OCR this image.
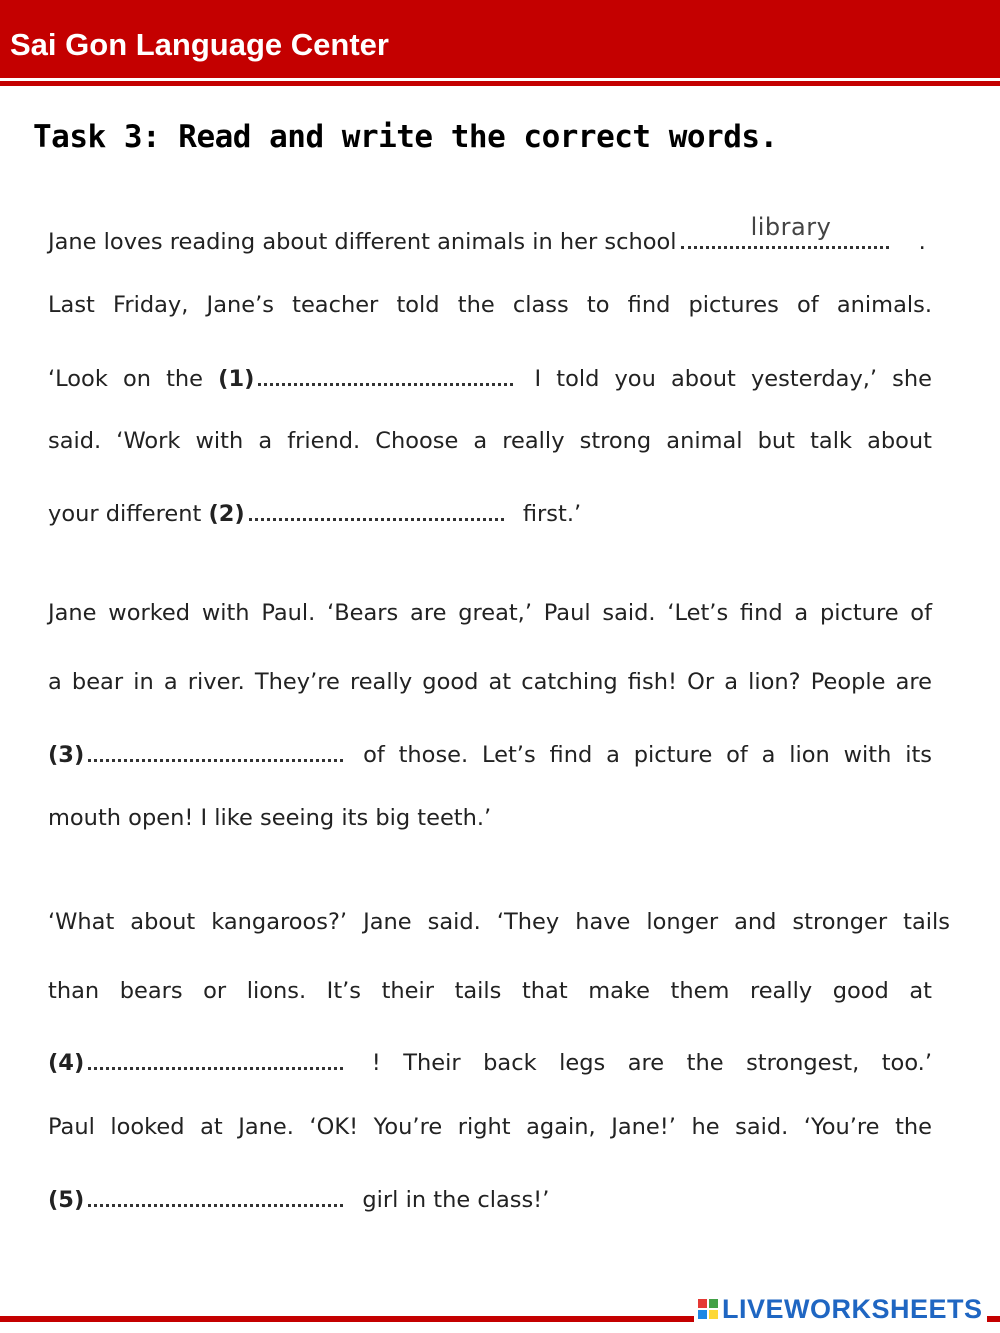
Sai Gon Language Center
Task 3: Read and write the correct words.
Jane loves reading about different animals in her school
library
.
Last Friday, Jane’s teacher told the class to find pictures of animals.
‘Look on the (1)	I told you about yesterday,’ she
said. ‘Work with a friend. Choose a really strong animal but talk about
your different (2)	first.’
Jane worked with Paul. ‘Bears are great,’ Paul said. ‘Let’s find a picture of
a bear in a river. They’re really good at catching fish! Or a lion? People are
(3)	of those. Let’s find a picture of a lion with its
mouth open! I like seeing its big teeth.’
‘What about kangaroos?’ Jane said. ‘They have longer and stronger tails
than bears or lions. It’s their tails that make them really good at
(4)	! Their back legs are the strongest, too.’
Paul looked at Jane. ‘OK! You’re right again, Jane!’ he said. ‘You’re the
(5)	girl in the class!’
LIVEWORKSHEETS
